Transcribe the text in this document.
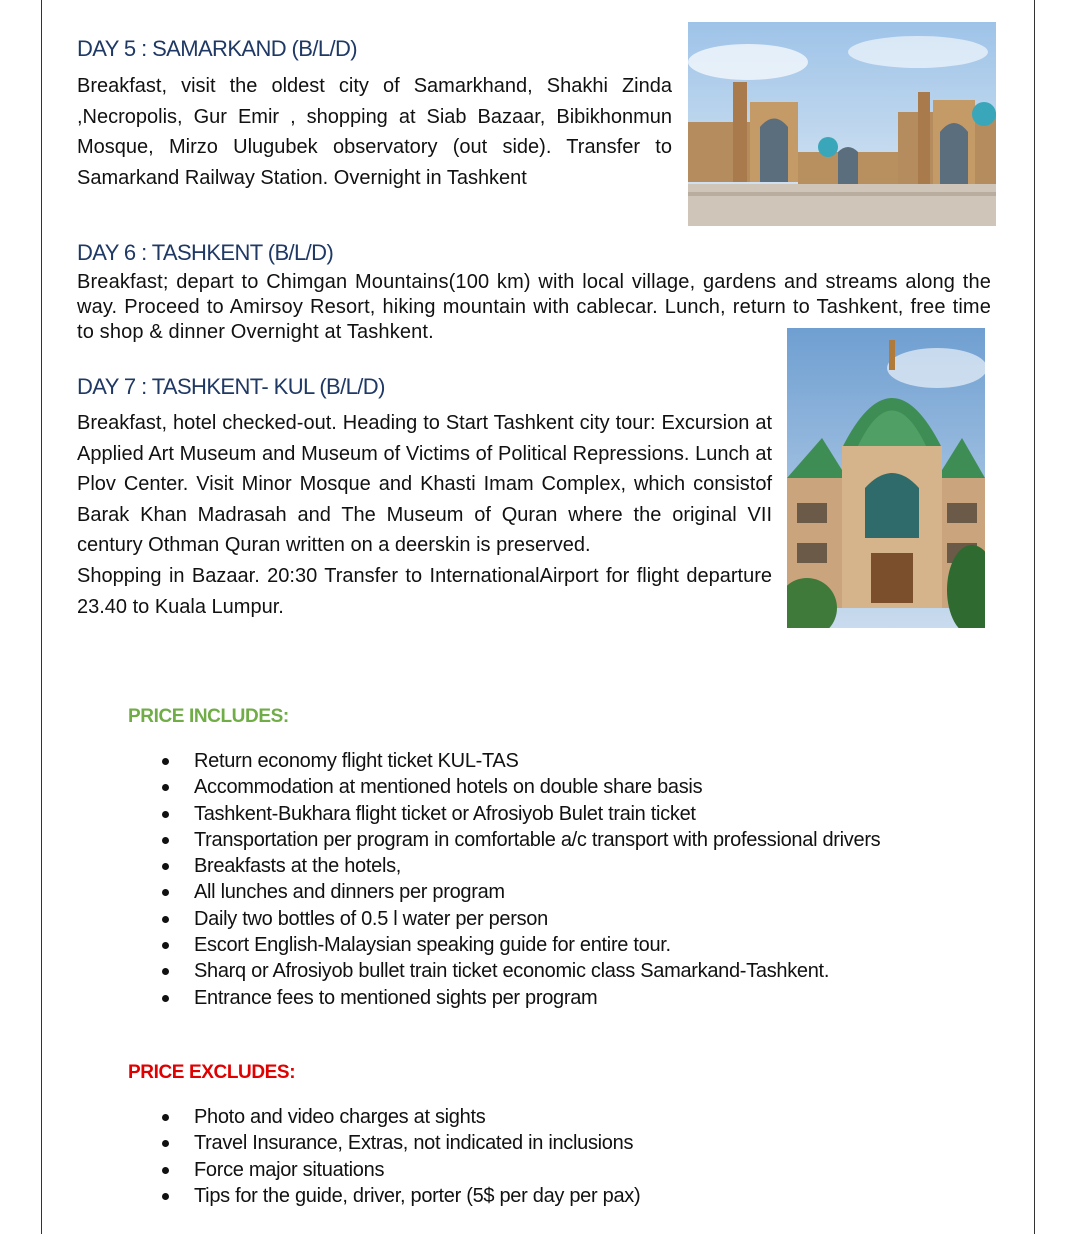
DAY 5 : SAMARKAND (B/L/D)
Breakfast, visit the oldest city of Samarkhand, Shakhi Zinda ,Necropolis, Gur Emir , shopping at Siab Bazaar, Bibikhonmun Mosque, Mirzo Ulugubek observatory (out side). Transfer to Samarkand Railway Station. Overnight in Tashkent
DAY 6 : TASHKENT (B/L/D)
Breakfast; depart to Chimgan Mountains(100 km) with local village, gardens and streams along the way. Proceed to Amirsoy Resort, hiking mountain with cablecar. Lunch, return to Tashkent, free time to shop & dinner Overnight at Tashkent.
DAY 7 : TASHKENT- KUL (B/L/D)
Breakfast, hotel checked-out. Heading to Start Tashkent city tour: Excursion at Applied Art Museum and Museum of Victims of Political Repressions. Lunch at Plov Center. Visit Minor Mosque and Khasti Imam Complex, which consistof Barak Khan Madrasah and The Museum of Quran where the original VII century Othman Quran written on a deerskin is preserved.
Shopping in Bazaar. 20:30 Transfer to InternationalAirport for flight departure 23.40 to Kuala Lumpur.
PRICE INCLUDES:
Return economy flight ticket KUL-TAS
Accommodation at mentioned hotels on double share basis
Tashkent-Bukhara flight ticket or Afrosiyob Bulet train ticket
Transportation per program in comfortable a/c transport with professional drivers
Breakfasts at the hotels,
All lunches and dinners per program
Daily two bottles of 0.5 l water per person
Escort English-Malaysian speaking guide for entire tour.
Sharq or Afrosiyob bullet train ticket economic class Samarkand-Tashkent.
Entrance fees to mentioned sights per program
PRICE EXCLUDES:
Photo and video charges at sights
Travel Insurance, Extras, not indicated in inclusions
Force major situations
Tips for the guide, driver, porter (5$ per day per pax)
